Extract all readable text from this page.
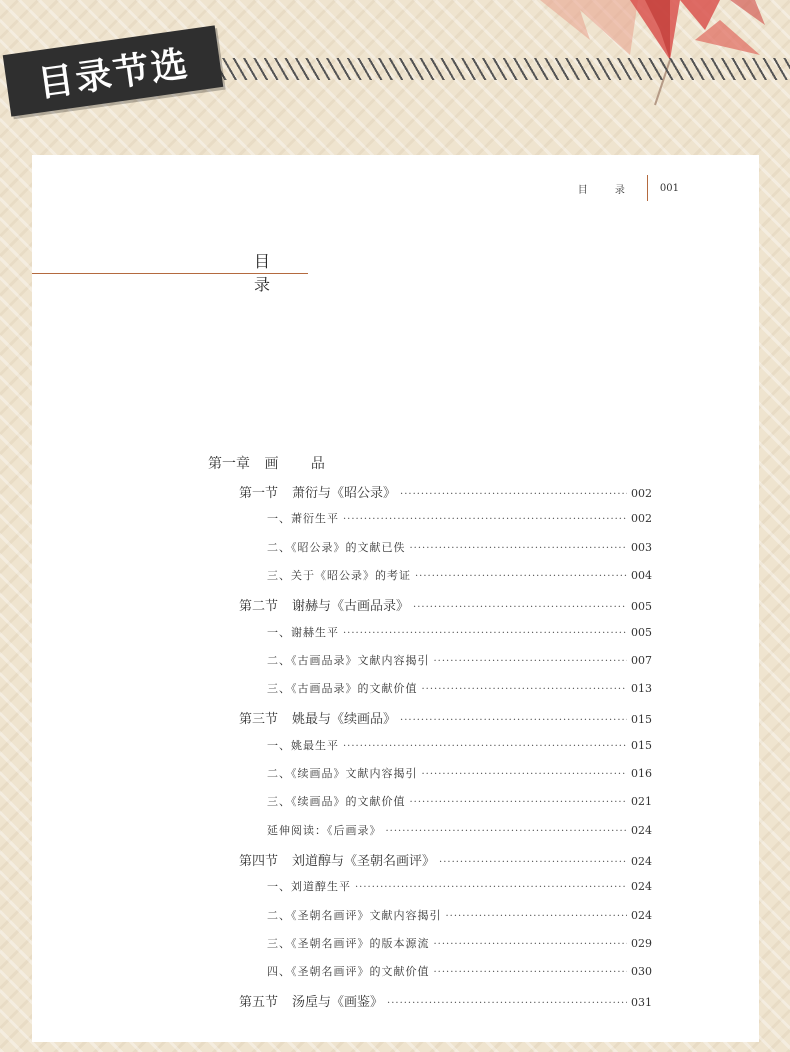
目录节选
目 录 001
目 录
第一章 画 品
第一节 萧衍与《昭公录》 ·····	002
一、萧衍生平 ·····	002
二、《昭公录》的文献已佚 ·····	003
三、关于《昭公录》的考证 ·····	004
第二节 谢赫与《古画品录》 ·····	005
一、谢赫生平 ·····	005
二、《古画品录》文献内容揭引 ·····	007
三、《古画品录》的文献价值 ·····	013
第三节 姚最与《续画品》 ·····	015
一、姚最生平 ·····	015
二、《续画品》文献内容揭引 ·····	016
三、《续画品》的文献价值 ·····	021
延伸阅读：《后画录》 ·····	024
第四节 刘道醇与《圣朝名画评》 ·····	024
一、刘道醇生平 ·····	024
二、《圣朝名画评》文献内容揭引 ·····	024
三、《圣朝名画评》的版本源流 ·····	029
四、《圣朝名画评》的文献价值 ·····	030
第五节 汤垕与《画鉴》 ·····	031
